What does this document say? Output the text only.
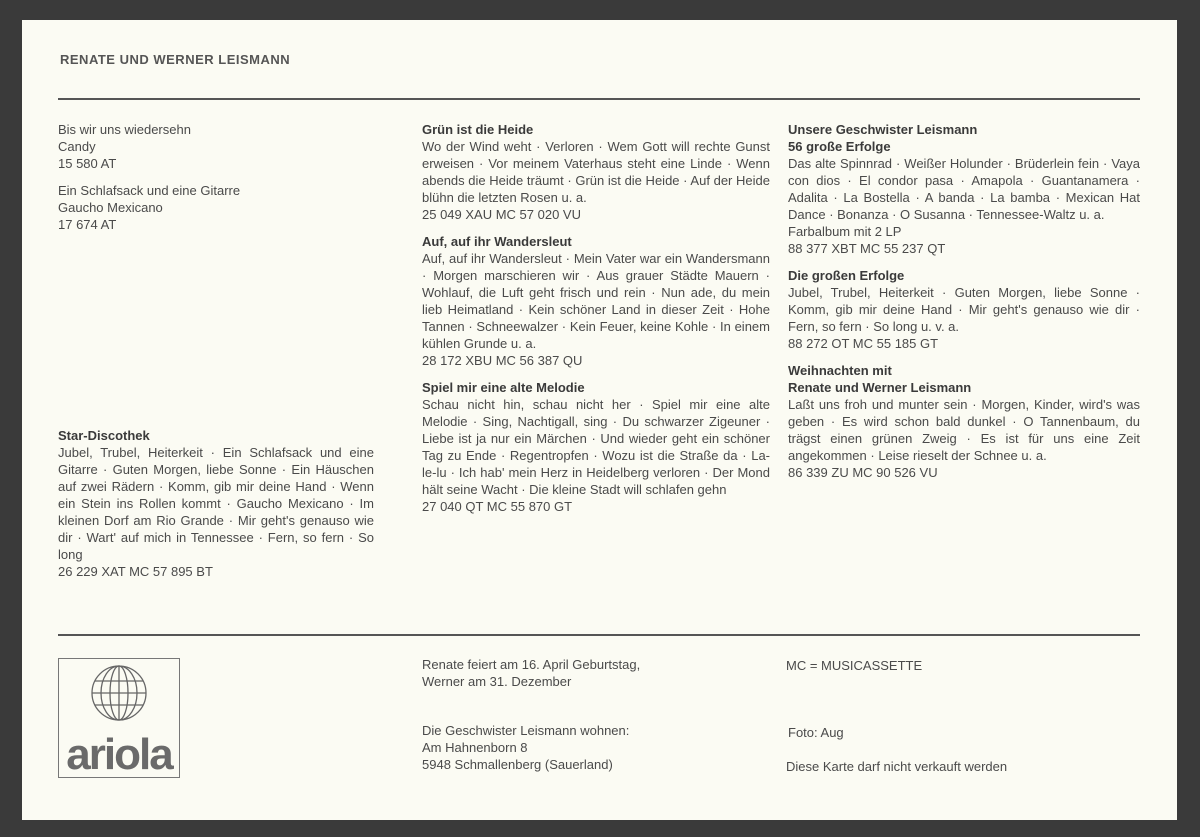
RENATE UND WERNER LEISMANN

Bis wir uns wiedersehn

Candy

15 580 AT

Ein Schlafsack und eine Gitarre

Gaucho Mexicano

17 674 AT

Star-Discothek

Jubel, Trubel, Heiterkeit · Ein Schlafsack und eine Gitarre · Guten Morgen, liebe Sonne · Ein Häuschen auf zwei Rädern · Komm, gib mir deine Hand · Wenn ein Stein ins Rollen kommt · Gaucho Mexicano · Im kleinen Dorf am Rio Grande · Mir geht's genauso wie dir · Wart' auf mich in Tennessee · Fern, so fern · So long

26 229 XAT MC 57 895 BT

Grün ist die Heide

Wo der Wind weht · Verloren · Wem Gott will rechte Gunst erweisen · Vor meinem Vaterhaus steht eine Linde · Wenn abends die Heide träumt · Grün ist die Heide · Auf der Heide blühn die letzten Rosen u. a.

25 049 XAU MC 57 020 VU

Auf, auf ihr Wandersleut

Auf, auf ihr Wandersleut · Mein Vater war ein Wandersmann · Morgen marschieren wir · Aus grauer Städte Mauern · Wohlauf, die Luft geht frisch und rein · Nun ade, du mein lieb Heimatland · Kein schöner Land in dieser Zeit · Hohe Tannen · Schneewalzer · Kein Feuer, keine Kohle · In einem kühlen Grunde u. a.

28 172 XBU MC 56 387 QU

Spiel mir eine alte Melodie

Schau nicht hin, schau nicht her · Spiel mir eine alte Melodie · Sing, Nachtigall, sing · Du schwarzer Zigeuner · Liebe ist ja nur ein Märchen · Und wieder geht ein schöner Tag zu Ende · Regentropfen · Wozu ist die Straße da · La-le-lu · Ich hab' mein Herz in Heidelberg verloren · Der Mond hält seine Wacht · Die kleine Stadt will schlafen gehn

27 040 QT MC 55 870 GT

Unsere Geschwister Leismann

56 große Erfolge

Das alte Spinnrad · Weißer Holunder · Brüderlein fein · Vaya con dios · El condor pasa · Amapola · Guantanamera · Adalita · La Bostella · A banda · La bamba · Mexican Hat Dance · Bonanza · O Susanna · Tennessee-Waltz u. a.

Farbalbum mit 2 LP

88 377 XBT MC 55 237 QT

Die großen Erfolge

Jubel, Trubel, Heiterkeit · Guten Morgen, liebe Sonne · Komm, gib mir deine Hand · Mir geht's genauso wie dir · Fern, so fern · So long u. v. a.

88 272 OT MC 55 185 GT

Weihnachten mit

Renate und Werner Leismann

Laßt uns froh und munter sein · Morgen, Kinder, wird's was geben · Es wird schon bald dunkel · O Tannenbaum, du trägst einen grünen Zweig · Es ist für uns eine Zeit angekommen · Leise rieselt der Schnee u. a.

86 339 ZU MC 90 526 VU

ariola

Renate feiert am 16. April Geburtstag,

Werner am 31. Dezember

Die Geschwister Leismann wohnen:

Am Hahnenborn 8

5948 Schmallenberg (Sauerland)

MC = MUSICASSETTE
Foto: Aug
Diese Karte darf nicht verkauft werden
